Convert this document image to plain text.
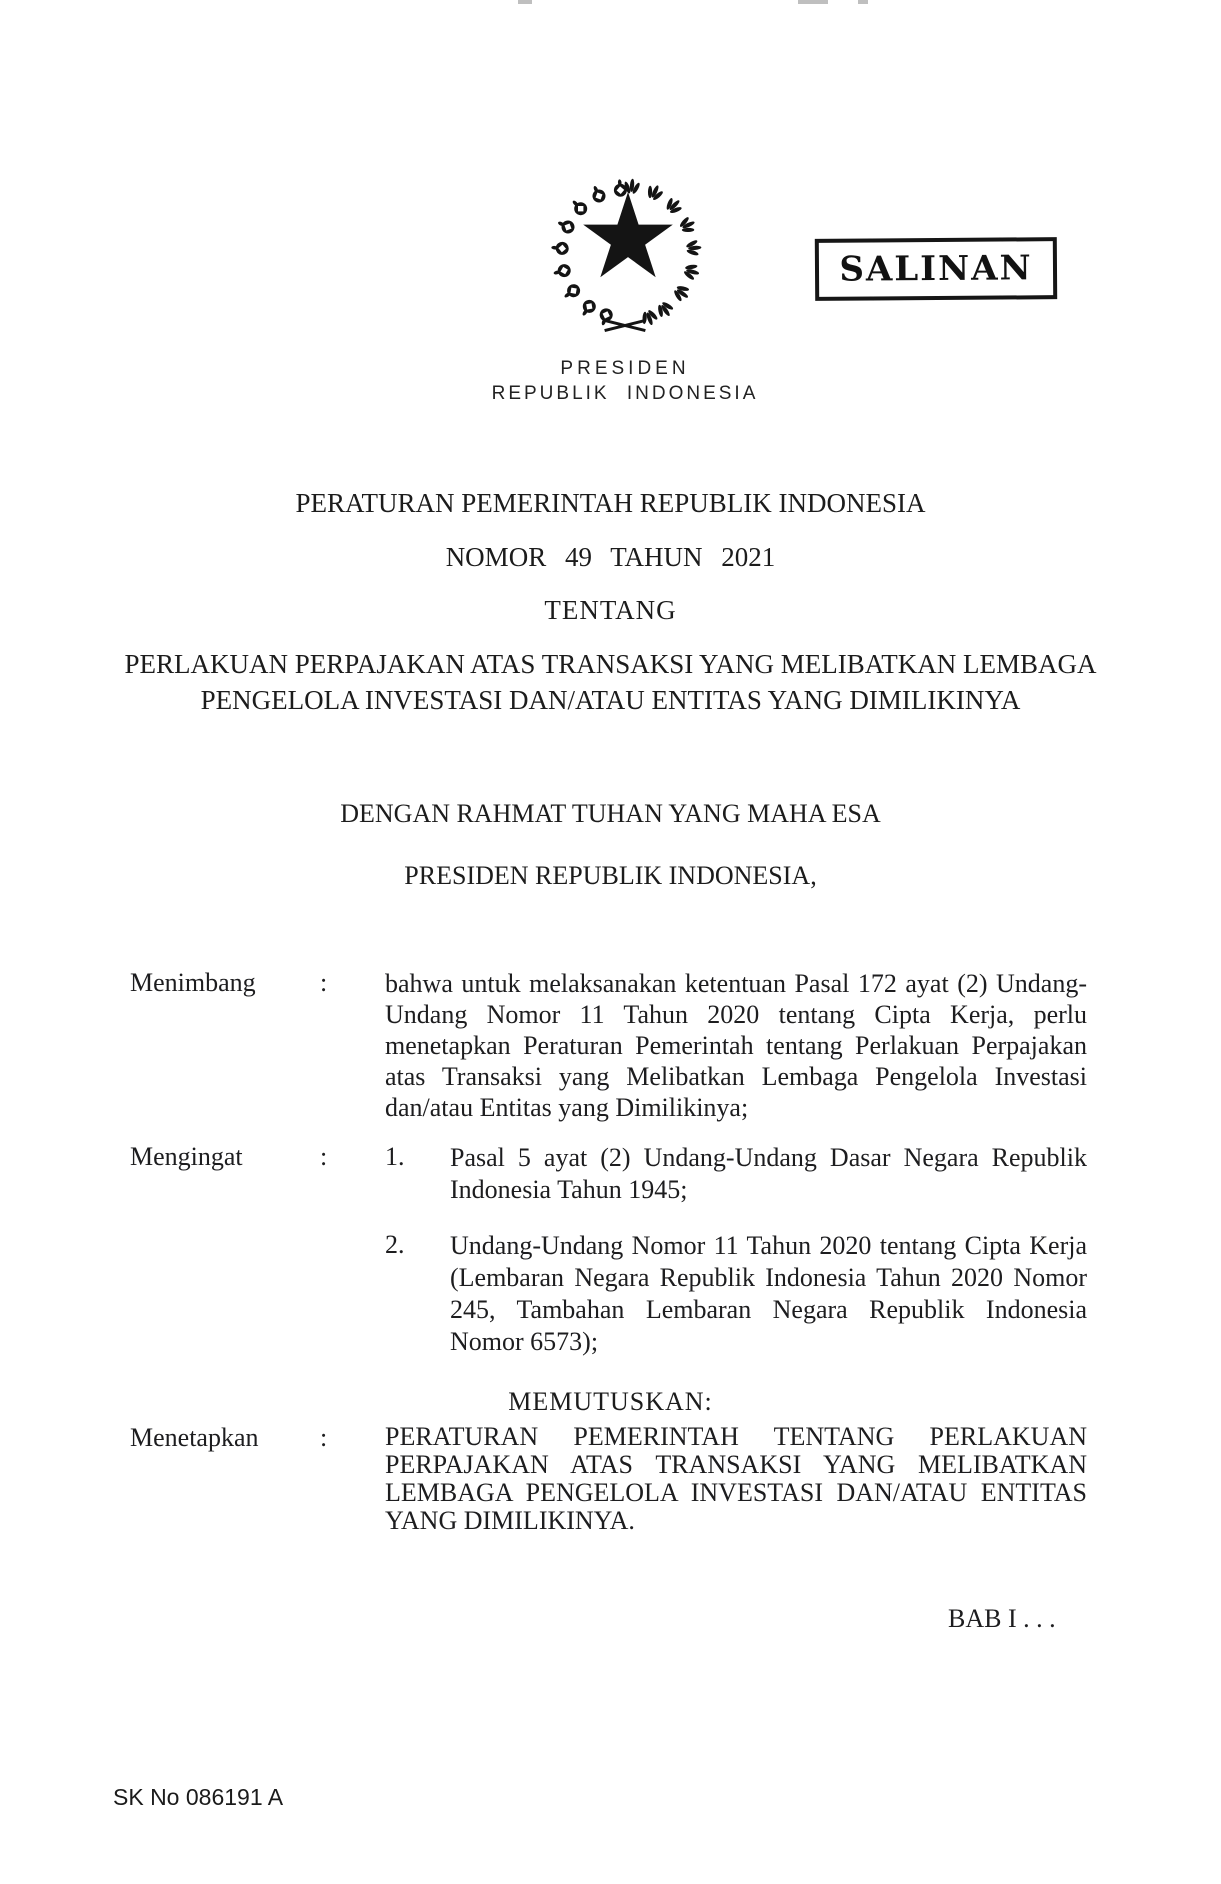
SALINAN
PRESIDEN
REPUBLIK INDONESIA
PERATURAN PEMERINTAH REPUBLIK INDONESIA
NOMOR 49 TAHUN 2021
TENTANG
PERLAKUAN PERPAJAKAN ATAS TRANSAKSI YANG MELIBATKAN LEMBAGA
PENGELOLA INVESTASI DAN/ATAU ENTITAS YANG DIMILIKINYA
DENGAN RAHMAT TUHAN YANG MAHA ESA
PRESIDEN REPUBLIK INDONESIA,
Menimbang : bahwa untuk melaksanakan ketentuan Pasal 172 ayat (2) Undang-Undang Nomor 11 Tahun 2020 tentang Cipta Kerja, perlu menetapkan Peraturan Pemerintah tentang Perlakuan Perpajakan atas Transaksi yang Melibatkan Lembaga Pengelola Investasi dan/atau Entitas yang Dimilikinya;
Mengingat	: 1.	Pasal 5 ayat (2) Undang-Undang Dasar Negara Republik Indonesia Tahun 1945;
2.	Undang-Undang Nomor 11 Tahun 2020 tentang Cipta Kerja (Lembaran Negara Republik Indonesia Tahun 2020 Nomor 245, Tambahan Lembaran Negara Republik Indonesia Nomor 6573);
MEMUTUSKAN:
Menetapkan : PERATURAN PEMERINTAH TENTANG PERLAKUAN PERPAJAKAN ATAS TRANSAKSI YANG MELIBATKAN LEMBAGA PENGELOLA INVESTASI DAN/ATAU ENTITAS YANG DIMILIKINYA.
BAB I . . .
SK No 086191 A
